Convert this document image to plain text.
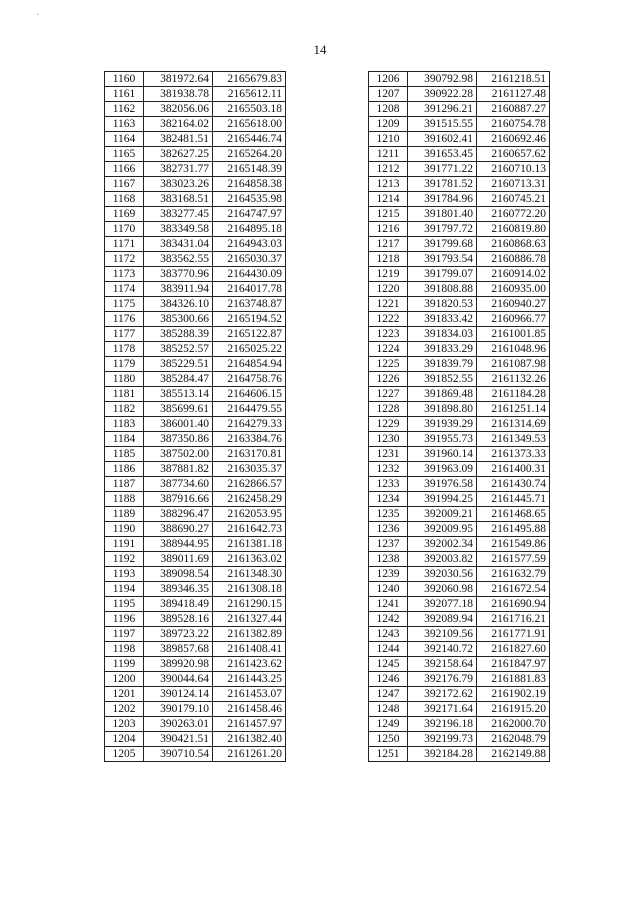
·
14
1160	381972.64	2165679.83
1161	381938.78	2165612.11
1162	382056.06	2165503.18
1163	382164.02	2165618.00
1164	382481.51	2165446.74
1165	382627.25	2165264.20
1166	382731.77	2165148.39
1167	383023.26	2164858.38
1168	383168.51	2164535.98
1169	383277.45	2164747.97
1170	383349.58	2164895.18
1171	383431.04	2164943.03
1172	383562.55	2165030.37
1173	383770.96	2164430.09
1174	383911.94	2164017.78
1175	384326.10	2163748.87
1176	385300.66	2165194.52
1177	385288.39	2165122.87
1178	385252.57	2165025.22
1179	385229.51	2164854.94
1180	385284.47	2164758.76
1181	385513.14	2164606.15
1182	385699.61	2164479.55
1183	386001.40	2164279.33
1184	387350.86	2163384.76
1185	387502.00	2163170.81
1186	387881.82	2163035.37
1187	387734.60	2162866.57
1188	387916.66	2162458.29
1189	388296.47	2162053.95
1190	388690.27	2161642.73
1191	388944.95	2161381.18
1192	389011.69	2161363.02
1193	389098.54	2161348.30
1194	389346.35	2161308.18
1195	389418.49	2161290.15
1196	389528.16	2161327.44
1197	389723.22	2161382.89
1198	389857.68	2161408.41
1199	389920.98	2161423.62
1200	390044.64	2161443.25
1201	390124.14	2161453.07
1202	390179.10	2161458.46
1203	390263.01	2161457.97
1204	390421.51	2161382.40
1205	390710.54	2161261.20
1206	390792.98	2161218.51
1207	390922.28	2161127.48
1208	391296.21	2160887.27
1209	391515.55	2160754.78
1210	391602.41	2160692.46
1211	391653.45	2160657.62
1212	391771.22	2160710.13
1213	391781.52	2160713.31
1214	391784.96	2160745.21
1215	391801.40	2160772.20
1216	391797.72	2160819.80
1217	391799.68	2160868.63
1218	391793.54	2160886.78
1219	391799.07	2160914.02
1220	391808.88	2160935.00
1221	391820.53	2160940.27
1222	391833.42	2160966.77
1223	391834.03	2161001.85
1224	391833.29	2161048.96
1225	391839.79	2161087.98
1226	391852.55	2161132.26
1227	391869.48	2161184.28
1228	391898.80	2161251.14
1229	391939.29	2161314.69
1230	391955.73	2161349.53
1231	391960.14	2161373.33
1232	391963.09	2161400.31
1233	391976.58	2161430.74
1234	391994.25	2161445.71
1235	392009.21	2161468.65
1236	392009.95	2161495.88
1237	392002.34	2161549.86
1238	392003.82	2161577.59
1239	392030.56	2161632.79
1240	392060.98	2161672.54
1241	392077.18	2161690.94
1242	392089.94	2161716.21
1243	392109.56	2161771.91
1244	392140.72	2161827.60
1245	392158.64	2161847.97
1246	392176.79	2161881.83
1247	392172.62	2161902.19
1248	392171.64	2161915.20
1249	392196.18	2162000.70
1250	392199.73	2162048.79
1251	392184.28	2162149.88
